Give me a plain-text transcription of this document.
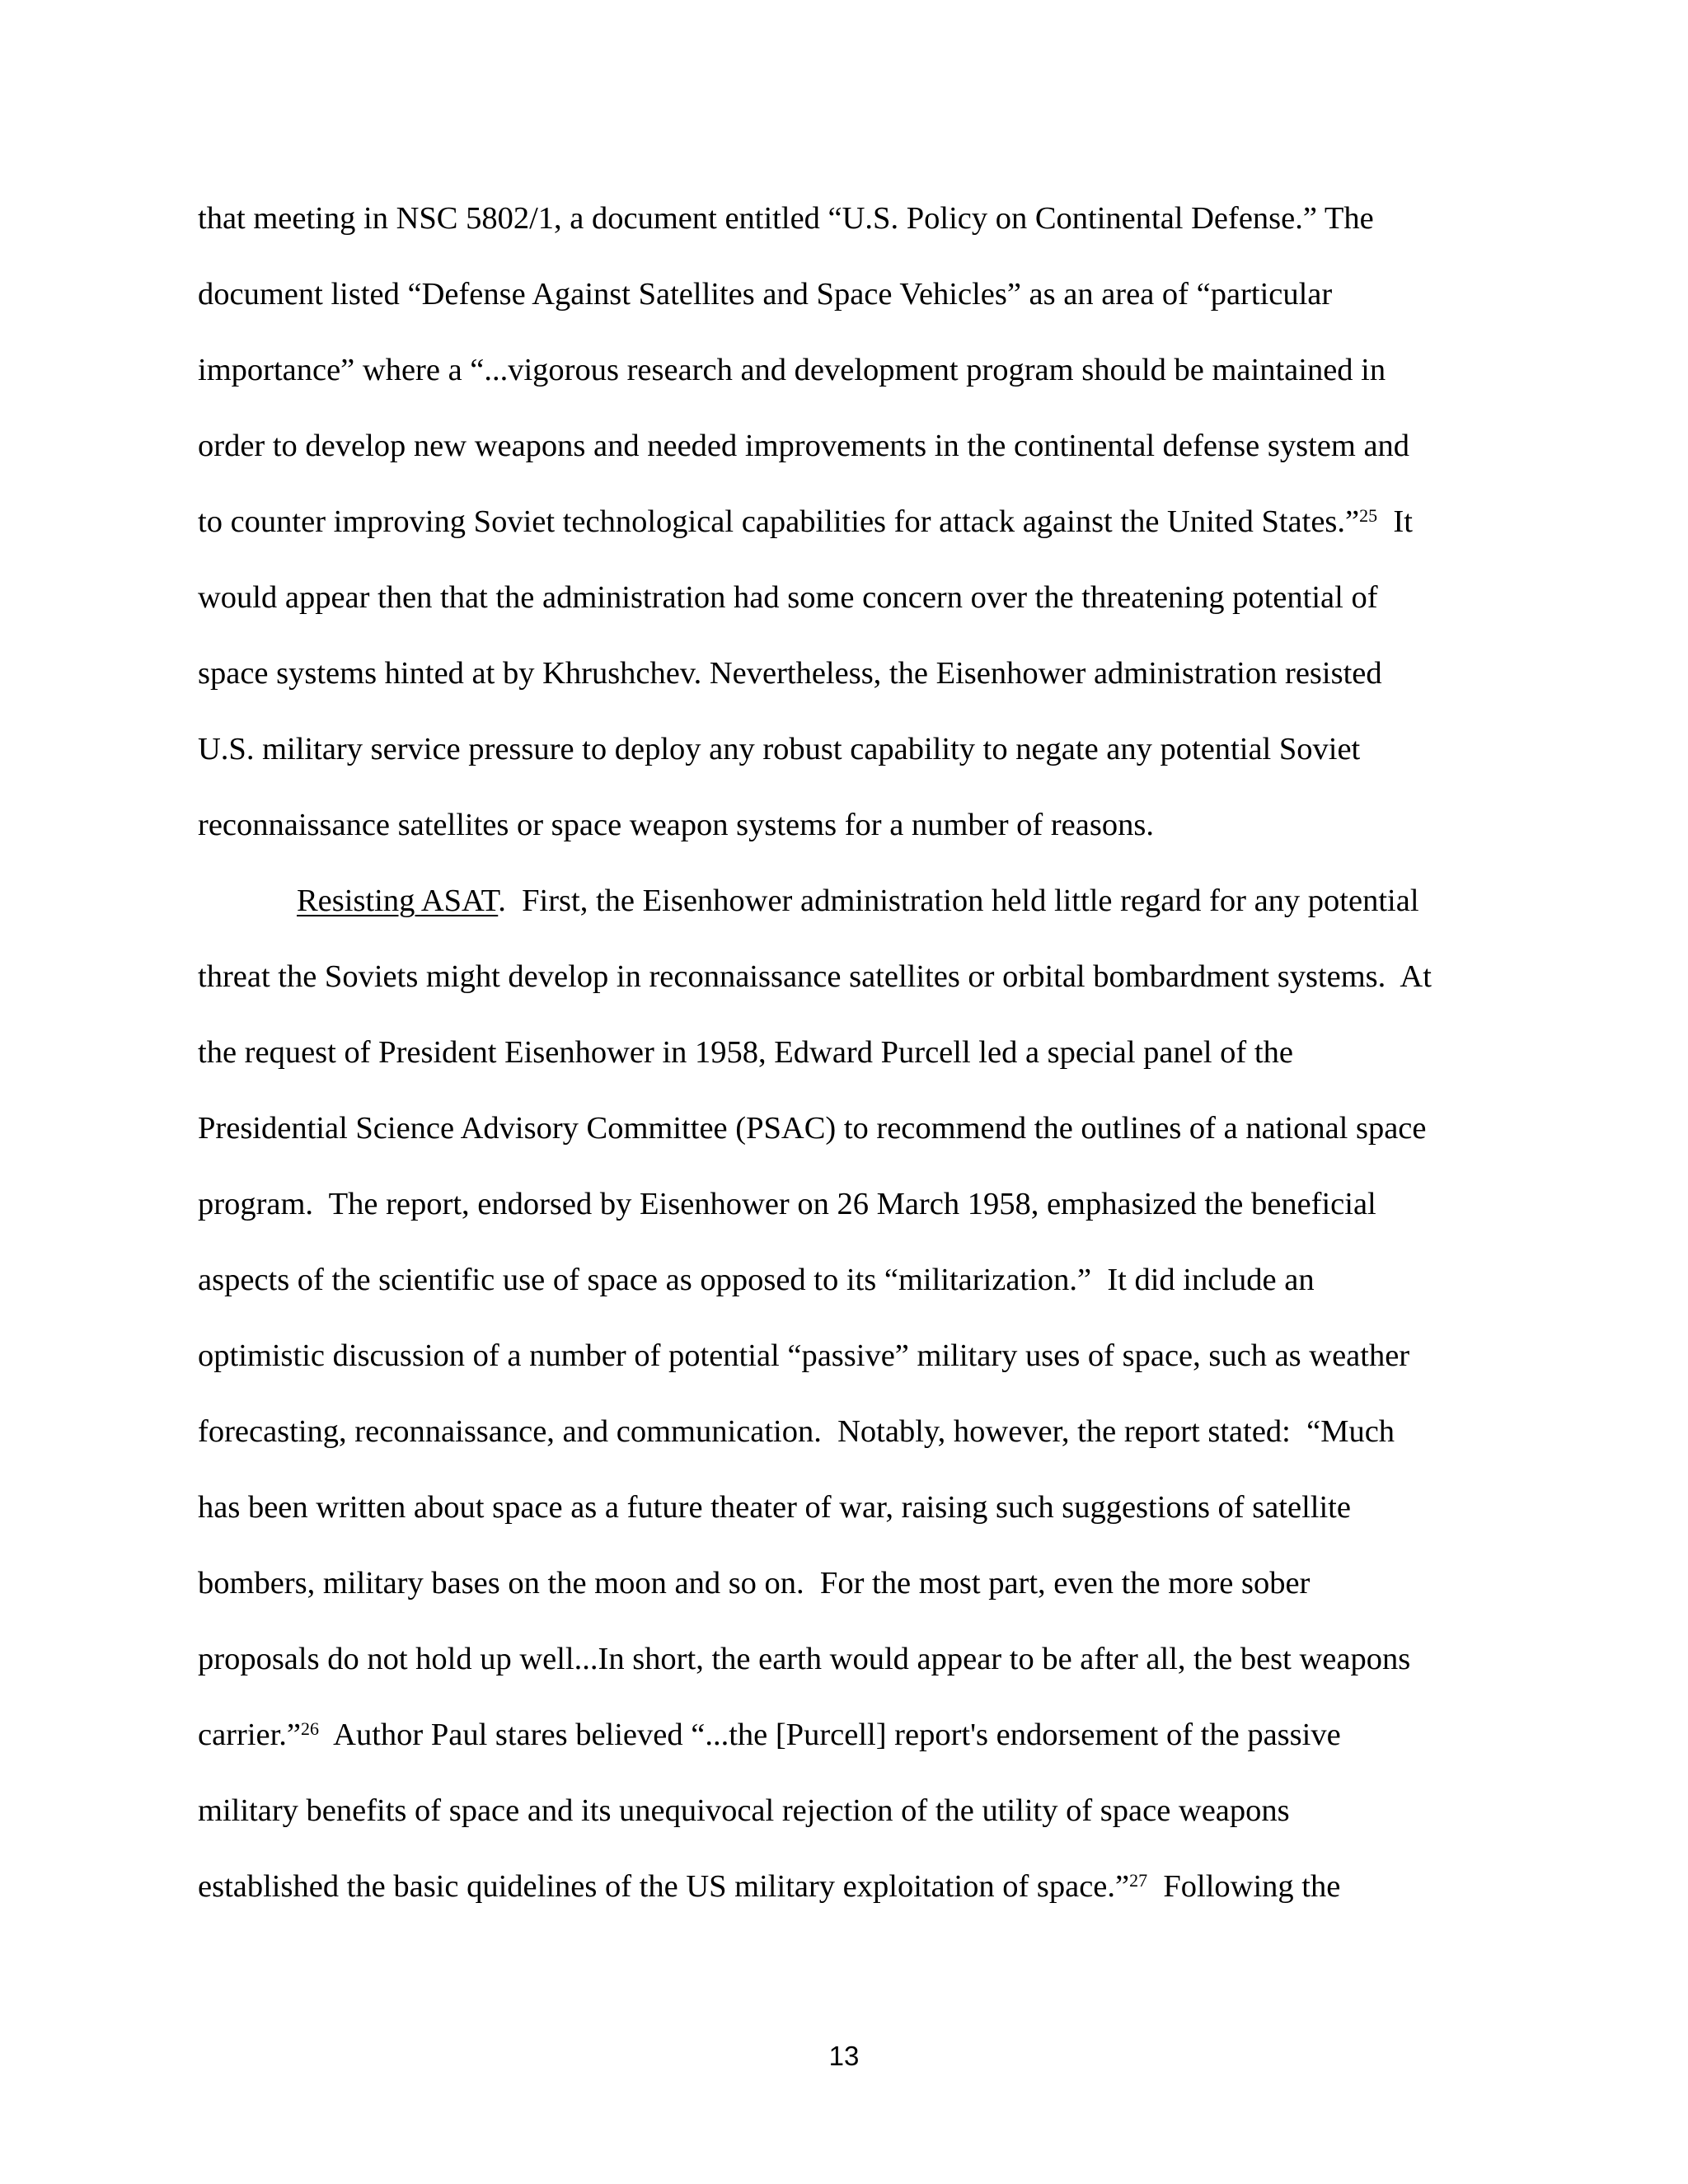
that meeting in NSC 5802/1, a document entitled “U.S. Policy on Continental Defense.” The
document listed “Defense Against Satellites and Space Vehicles” as an area of “particular
importance” where a “...vigorous research and development program should be maintained in
order to develop new weapons and needed improvements in the continental defense system and
to counter improving Soviet technological capabilities for attack against the United States.”$^{25}$  It
would appear then that the administration had some concern over the threatening potential of
space systems hinted at by Khrushchev. Nevertheless, the Eisenhower administration resisted
U.S. military service pressure to deploy any robust capability to negate any potential Soviet
reconnaissance satellites or space weapon systems for a number of reasons.
Resisting ASAT.  First, the Eisenhower administration held little regard for any potential
threat the Soviets might develop in reconnaissance satellites or orbital bombardment systems.  At
the request of President Eisenhower in 1958, Edward Purcell led a special panel of the
Presidential Science Advisory Committee (PSAC) to recommend the outlines of a national space
program.  The report, endorsed by Eisenhower on 26 March 1958, emphasized the beneficial
aspects of the scientific use of space as opposed to its “militarization.”  It did include an
optimistic discussion of a number of potential “passive” military uses of space, such as weather
forecasting, reconnaissance, and communication.  Notably, however, the report stated:  “Much
has been written about space as a future theater of war, raising such suggestions of satellite
bombers, military bases on the moon and so on.  For the most part, even the more sober
proposals do not hold up well...In short, the earth would appear to be after all, the best weapons
carrier.”$^{26}$  Author Paul stares believed “...the [Purcell] report's endorsement of the passive
military benefits of space and its unequivocal rejection of the utility of space weapons
established the basic quidelines of the US military exploitation of space.”$^{27}$  Following the
13
